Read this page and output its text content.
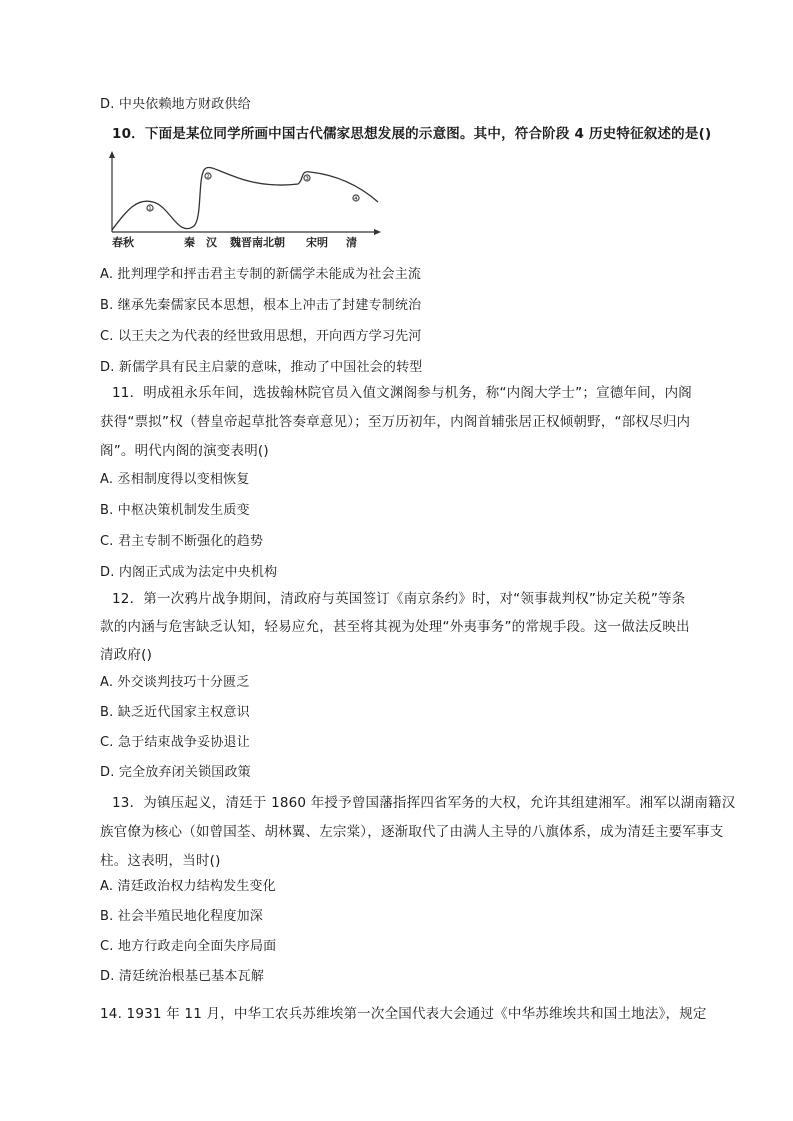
D. 中央依赖地方财政供给
10．下面是某位同学所画中国古代儒家思想发展的示意图。其中，符合阶段 4 历史特征叙述的是()
①
②	③
④
春秋	秦 汉 魏晋南北朝 宋明 清
A. 批判理学和抨击君主专制的新儒学未能成为社会主流
B. 继承先秦儒家民本思想，根本上冲击了封建专制统治
C. 以王夫之为代表的经世致用思想，开向西方学习先河
D. 新儒学具有民主启蒙的意味，推动了中国社会的转型
11．明成祖永乐年间，选拔翰林院官员入值文渊阁参与机务，称“内阁大学士”；宣德年间，内阁
获得“票拟”权（替皇帝起草批答奏章意见）；至万历初年，内阁首辅张居正权倾朝野，“部权尽归内
阁”。明代内阁的演变表明()
A. 丞相制度得以变相恢复
B. 中枢决策机制发生质变
C. 君主专制不断强化的趋势
D. 内阁正式成为法定中央机构
12．第一次鸦片战争期间，清政府与英国签订《南京条约》时，对“领事裁判权”协定关税”等条
款的内涵与危害缺乏认知，轻易应允，甚至将其视为处理“外夷事务”的常规手段。这一做法反映出
清政府()
A. 外交谈判技巧十分匮乏
B. 缺乏近代国家主权意识
C. 急于结束战争妥协退让
D. 完全放弃闭关锁国政策
13．为镇压起义，清廷于 1860 年授予曾国藩指挥四省军务的大权，允许其组建湘军。湘军以湖南籍汉
族官僚为核心（如曾国荃、胡林翼、左宗棠），逐渐取代了由满人主导的八旗体系，成为清廷主要军事支
柱。这表明，当时()
A. 清廷政治权力结构发生变化
B. 社会半殖民地化程度加深
C. 地方行政走向全面失序局面
D. 清廷统治根基已基本瓦解
14. 1931 年 11 月，中华工农兵苏维埃第一次全国代表大会通过《中华苏维埃共和国土地法》，规定
